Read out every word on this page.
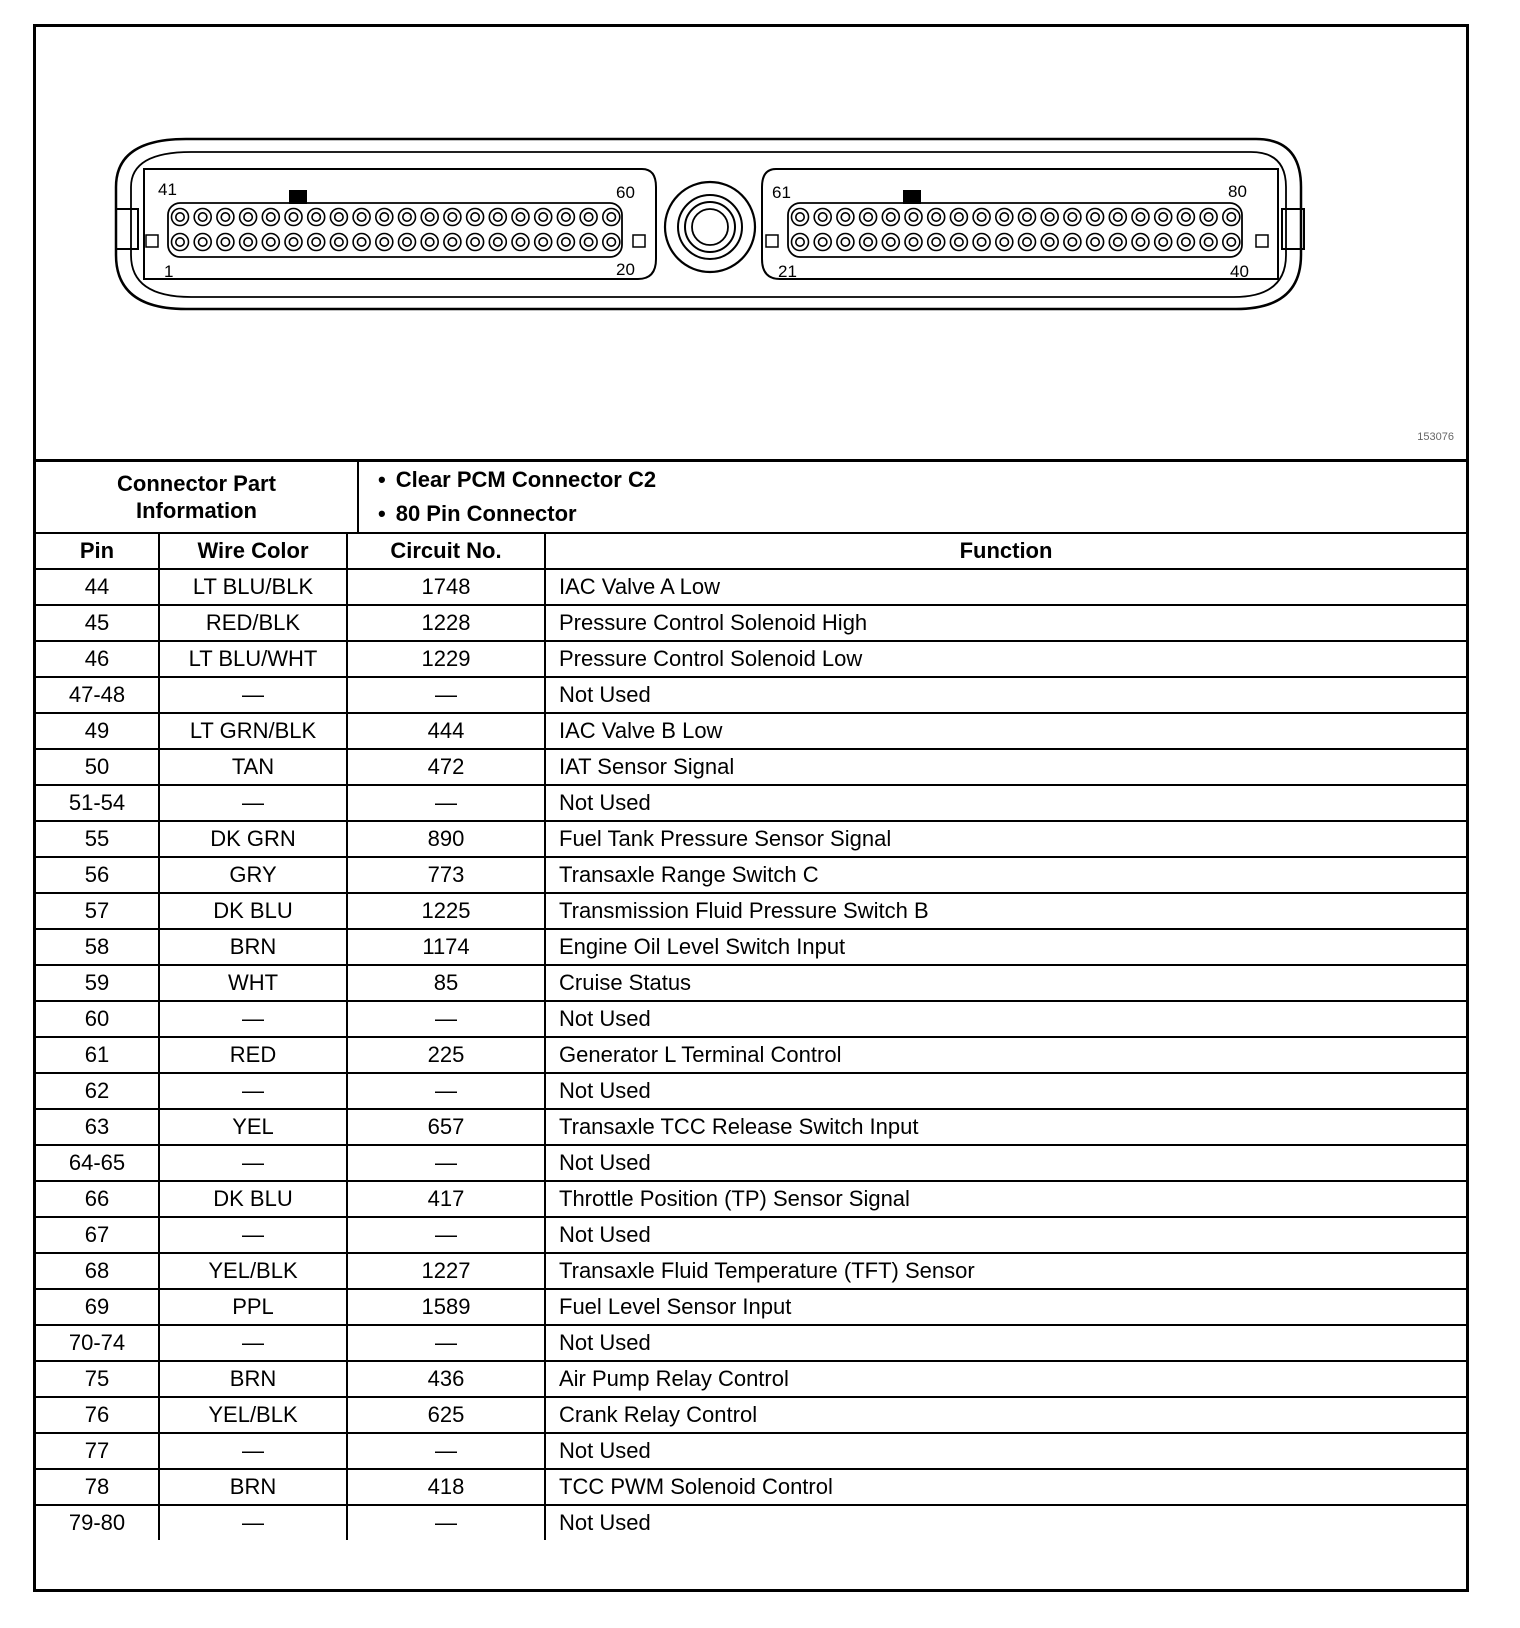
41	60
1	20
61	80
21	40
153076
Connector Part Information
• Clear PCM Connector C2
• 80 Pin Connector
Pin	Wire Color	Circuit No.	Function
44	LT BLU/BLK	1748	IAC Valve A Low
45	RED/BLK	1228	Pressure Control Solenoid High
46	LT BLU/WHT	1229	Pressure Control Solenoid Low
47-48	—	—	Not Used
49	LT GRN/BLK	444	IAC Valve B Low
50	TAN	472	IAT Sensor Signal
51-54	—	—	Not Used
55	DK GRN	890	Fuel Tank Pressure Sensor Signal
56	GRY	773	Transaxle Range Switch C
57	DK BLU	1225	Transmission Fluid Pressure Switch B
58	BRN	1174	Engine Oil Level Switch Input
59	WHT	85	Cruise Status
60	—	—	Not Used
61	RED	225	Generator L Terminal Control
62	—	—	Not Used
63	YEL	657	Transaxle TCC Release Switch Input
64-65	—	—	Not Used
66	DK BLU	417	Throttle Position (TP) Sensor Signal
67	—	—	Not Used
68	YEL/BLK	1227	Transaxle Fluid Temperature (TFT) Sensor
69	PPL	1589	Fuel Level Sensor Input
70-74	—	—	Not Used
75	BRN	436	Air Pump Relay Control
76	YEL/BLK	625	Crank Relay Control
77	—	—	Not Used
78	BRN	418	TCC PWM Solenoid Control
79-80	—	—	Not Used
